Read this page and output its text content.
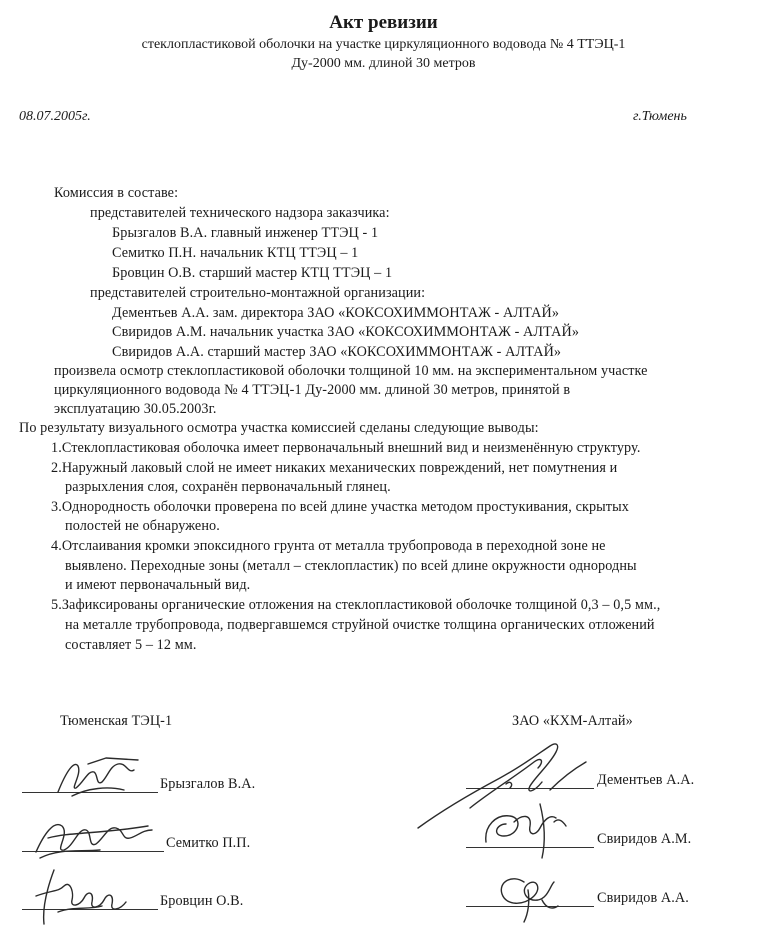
Акт ревизии
стеклопластиковой оболочки на участке циркуляционного водовода № 4 ТТЭЦ-1
Ду-2000 мм. длиной 30 метров
08.07.2005г.	г.Тюмень
Комиссия в составе:
представителей технического надзора заказчика:
Брызгалов В.А. главный инженер ТТЭЦ - 1
Семитко П.Н. начальник КТЦ ТТЭЦ – 1
Бровцин О.В. старший мастер КТЦ ТТЭЦ – 1
представителей строительно-монтажной организации:
Дементьев А.А. зам. директора ЗАО «КОКСОХИММОНТАЖ - АЛТАЙ»
Свиридов А.М. начальник участка ЗАО «КОКСОХИММОНТАЖ - АЛТАЙ»
Свиридов А.А. старший мастер ЗАО «КОКСОХИММОНТАЖ - АЛТАЙ»
произвела осмотр стеклопластиковой оболочки толщиной 10 мм. на экспериментальном участке
циркуляционного водовода № 4 ТТЭЦ-1 Ду-2000 мм. длиной 30 метров, принятой в
эксплуатацию 30.05.2003г.
По результату визуального осмотра участка комиссией сделаны следующие выводы:
1.Стеклопластиковая оболочка имеет первоначальный внешний вид и неизменённую структуру.
2.Наружный лаковый слой не имеет никаких механических повреждений, нет помутнения и
разрыхления слоя, сохранён первоначальный глянец.
3.Однородность оболочки проверена по всей длине участка методом простукивания, скрытых
полостей не обнаружено.
4.Отслаивания кромки эпоксидного грунта от металла трубопровода в переходной зоне не
выявлено. Переходные зоны (металл – стеклопластик) по всей длине окружности однородны
и имеют первоначальный вид.
5.Зафиксированы органические отложения на стеклопластиковой оболочке толщиной 0,3 – 0,5 мм.,
на металле трубопровода, подвергавшемся струйной очистке толщина органических отложений
составляет 5 – 12 мм.
Тюменская ТЭЦ-1	ЗАО «КХМ-Алтай»
Брызгалов В.А.
Семитко П.П.
Бровцин О.В.
Дементьев А.А.
Свиридов А.М.
Свиридов А.А.
